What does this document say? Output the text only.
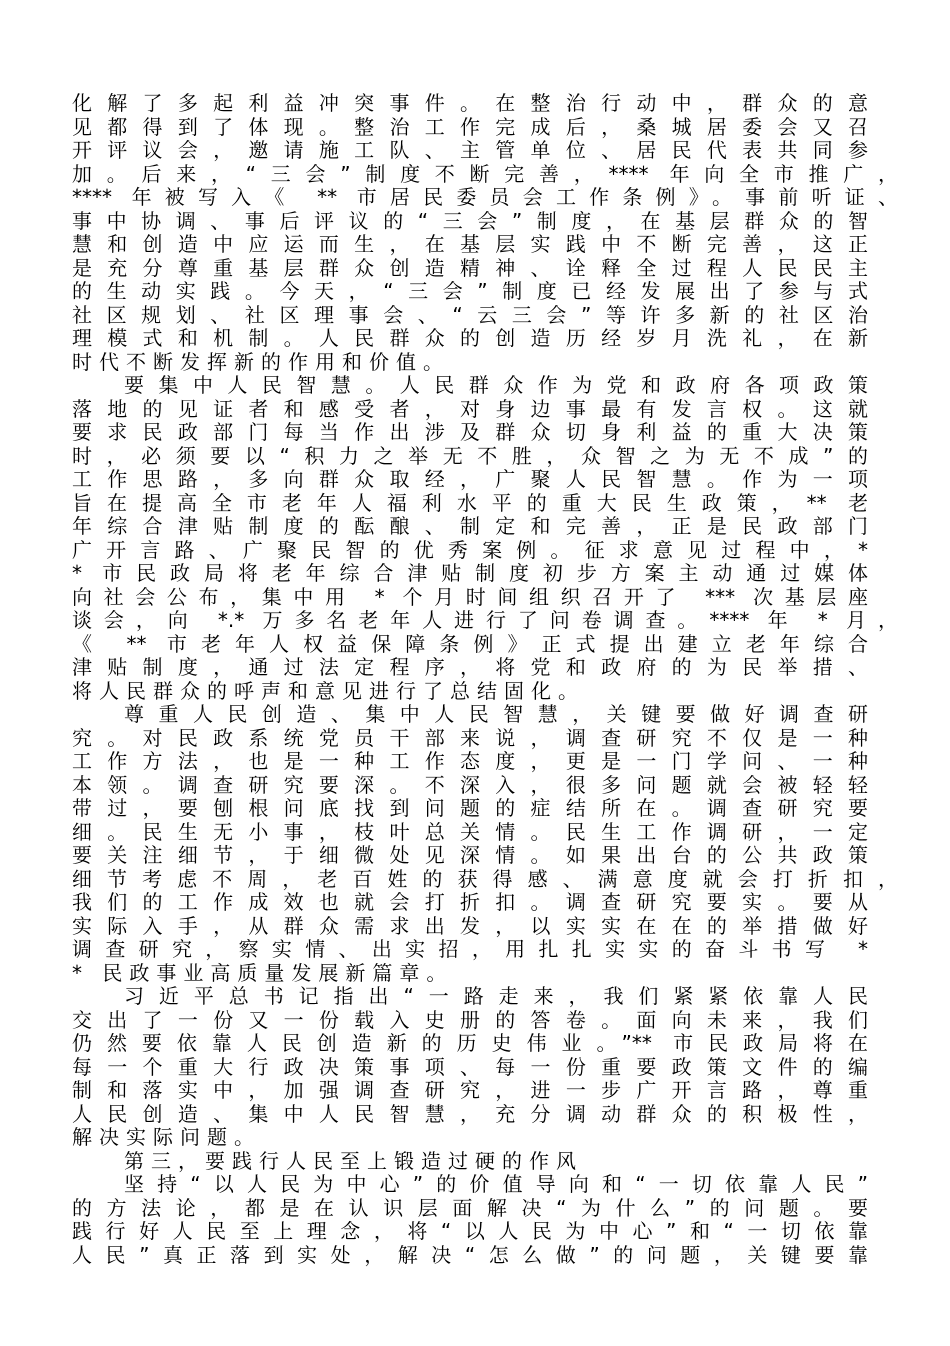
化解了多起利益冲突事件。在整治行动中，群众的意
见都得到了体现。整治工作完成后，桑城居委会又召
开评议会，邀请施工队、主管单位、居民代表共同参
加。后来，“三会”制度不断完善，**** 年向全市推广，
**** 年被写入《 ** 市居民委员会工作条例》。事前听证、
事中协调、事后评议的“三会”制度，在基层群众的智
慧和创造中应运而生，在基层实践中不断完善，这正
是充分尊重基层群众创造精神、诠释全过程人民民主
的生动实践。今天，“三会”制度已经发展出了参与式
社区规划、社区理事会、“云三会”等许多新的社区治
理模式和机制。人民群众的创造历经岁月洗礼，在新
时代不断发挥新的作用和价值。
要集中人民智慧。人民群众作为党和政府各项政策
落地的见证者和感受者，对身边事最有发言权。这就
要求民政部门每当作出涉及群众切身利益的重大决策
时，必须要以“积力之举无不胜，众智之为无不成”的
工作思路，多向群众取经，广聚人民智慧。作为一项
旨在提高全市老年人福利水平的重大民生政策，** 老
年综合津贴制度的酝酿、制定和完善，正是民政部门
广开言路、广聚民智的优秀案例。征求意见过程中，*
* 市民政局将老年综合津贴制度初步方案主动通过媒体
向社会公布，集中用 * 个月时间组织召开了 *** 次基层座
谈会，向 *.* 万多名老年人进行了问卷调查。**** 年 * 月，
《 ** 市老年人权益保障条例》正式提出建立老年综合
津贴制度，通过法定程序，将党和政府的为民举措、
将人民群众的呼声和意见进行了总结固化。
尊重人民创造、集中人民智慧，关键要做好调查研
究。对民政系统党员干部来说，调查研究不仅是一种
工作方法，也是一种工作态度，更是一门学问、一种
本领。调查研究要深。不深入，很多问题就会被轻轻
带过，要刨根问底找到问题的症结所在。调查研究要
细。民生无小事，枝叶总关情。民生工作调研，一定
要关注细节，于细微处见深情。如果出台的公共政策
细节考虑不周，老百姓的获得感、满意度就会打折扣，
我们的工作成效也就会打折扣。调查研究要实。要从
实际入手，从群众需求出发，以实实在在的举措做好
调查研究，察实情、出实招，用扎扎实实的奋斗书写 *
* 民政事业高质量发展新篇章。
习近平总书记指出“一路走来，我们紧紧依靠人民
交出了一份又一份载入史册的答卷。面向未来，我们
仍然要依靠人民创造新的历史伟业。”** 市民政局将在
每一个重大行政决策事项、每一份重要政策文件的编
制和落实中，加强调查研究，进一步广开言路，尊重
人民创造、集中人民智慧，充分调动群众的积极性，
解决实际问题。
第三，要践行人民至上锻造过硬的作风
坚持“以人民为中心”的价值导向和“一切依靠人民”
的方法论，都是在认识层面解决“为什么”的问题。要
践行好人民至上理念，将“以人民为中心”和“一切依靠
人民”真正落到实处，解决“怎么做”的问题，关键要靠
